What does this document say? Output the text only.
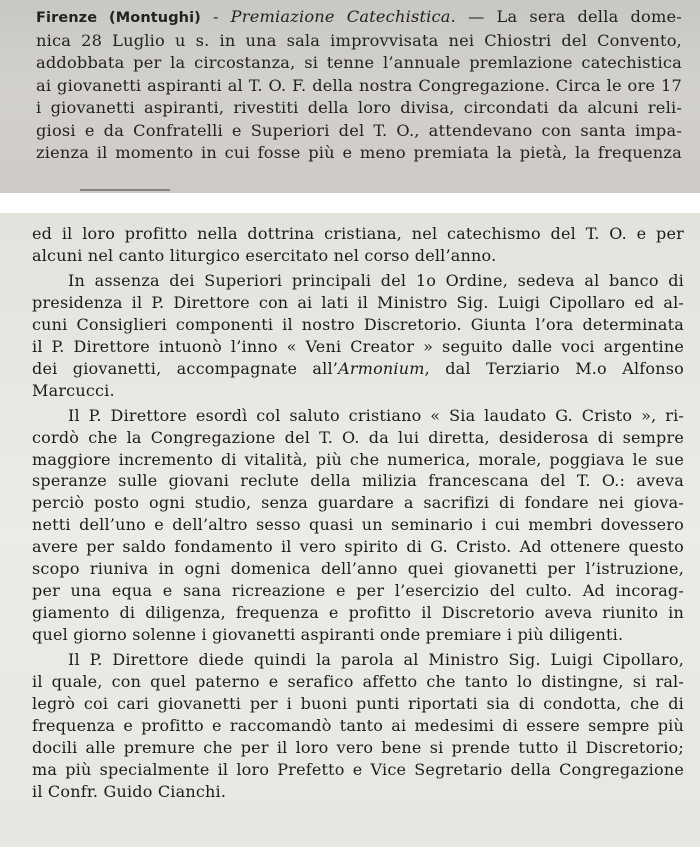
Firenze (Montughi) - Premiazione Catechistica. — La sera della dome-
nica 28 Luglio u s. in una sala improvvisata nei Chiostri del Convento,
addobbata per la circostanza, si tenne l’annuale premlazione catechistica
ai giovanetti aspiranti al T. O. F. della nostra Congregazione. Circa le ore 17
i giovanetti aspiranti, rivestiti della loro divisa, circondati da alcuni reli-
giosi e da Confratelli e Superiori del T. O., attendevano con santa impa-
zienza il momento in cui fosse più e meno premiata la pietà, la frequenza
ed il loro profitto nella dottrina cristiana, nel catechismo del T. O. e per
alcuni nel canto liturgico esercitato nel corso dell’anno.
In assenza dei Superiori principali del 1o Ordine, sedeva al banco di
presidenza il P. Direttore con ai lati il Ministro Sig. Luigi Cipollaro ed al-
cuni Consiglieri componenti il nostro Discretorio. Giunta l’ora determinata
il P. Direttore intuonò l’inno « Veni Creator » seguito dalle voci argentine
dei giovanetti, accompagnate all’Armonium, dal Terziario M.o Alfonso
Marcucci.
Il P. Direttore esordì col saluto cristiano « Sia laudato G. Cristo », ri-
cordò che la Congregazione del T. O. da lui diretta, desiderosa di sempre
maggiore incremento di vitalità, più che numerica, morale, poggiava le sue
speranze sulle giovani reclute della milizia francescana del T. O.: aveva
perciò posto ogni studio, senza guardare a sacrifizi di fondare nei giova-
netti dell’uno e dell’altro sesso quasi un seminario i cui membri dovessero
avere per saldo fondamento il vero spirito di G. Cristo. Ad ottenere questo
scopo riuniva in ogni domenica dell’anno quei giovanetti per l’istruzione,
per una equa e sana ricreazione e per l’esercizio del culto. Ad incorag-
giamento di diligenza, frequenza e profitto il Discretorio aveva riunito in
quel giorno solenne i giovanetti aspiranti onde premiare i più diligenti.
Il P. Direttore diede quindi la parola al Ministro Sig. Luigi Cipollaro,
il quale, con quel paterno e serafico affetto che tanto lo distingne, si ral-
legrò coi cari giovanetti per i buoni punti riportati sia di condotta, che di
frequenza e profitto e raccomandò tanto ai medesimi di essere sempre più
docili alle premure che per il loro vero bene si prende tutto il Discretorio;
ma più specialmente il loro Prefetto e Vice Segretario della Congregazione
il Confr. Guido Cianchi.
